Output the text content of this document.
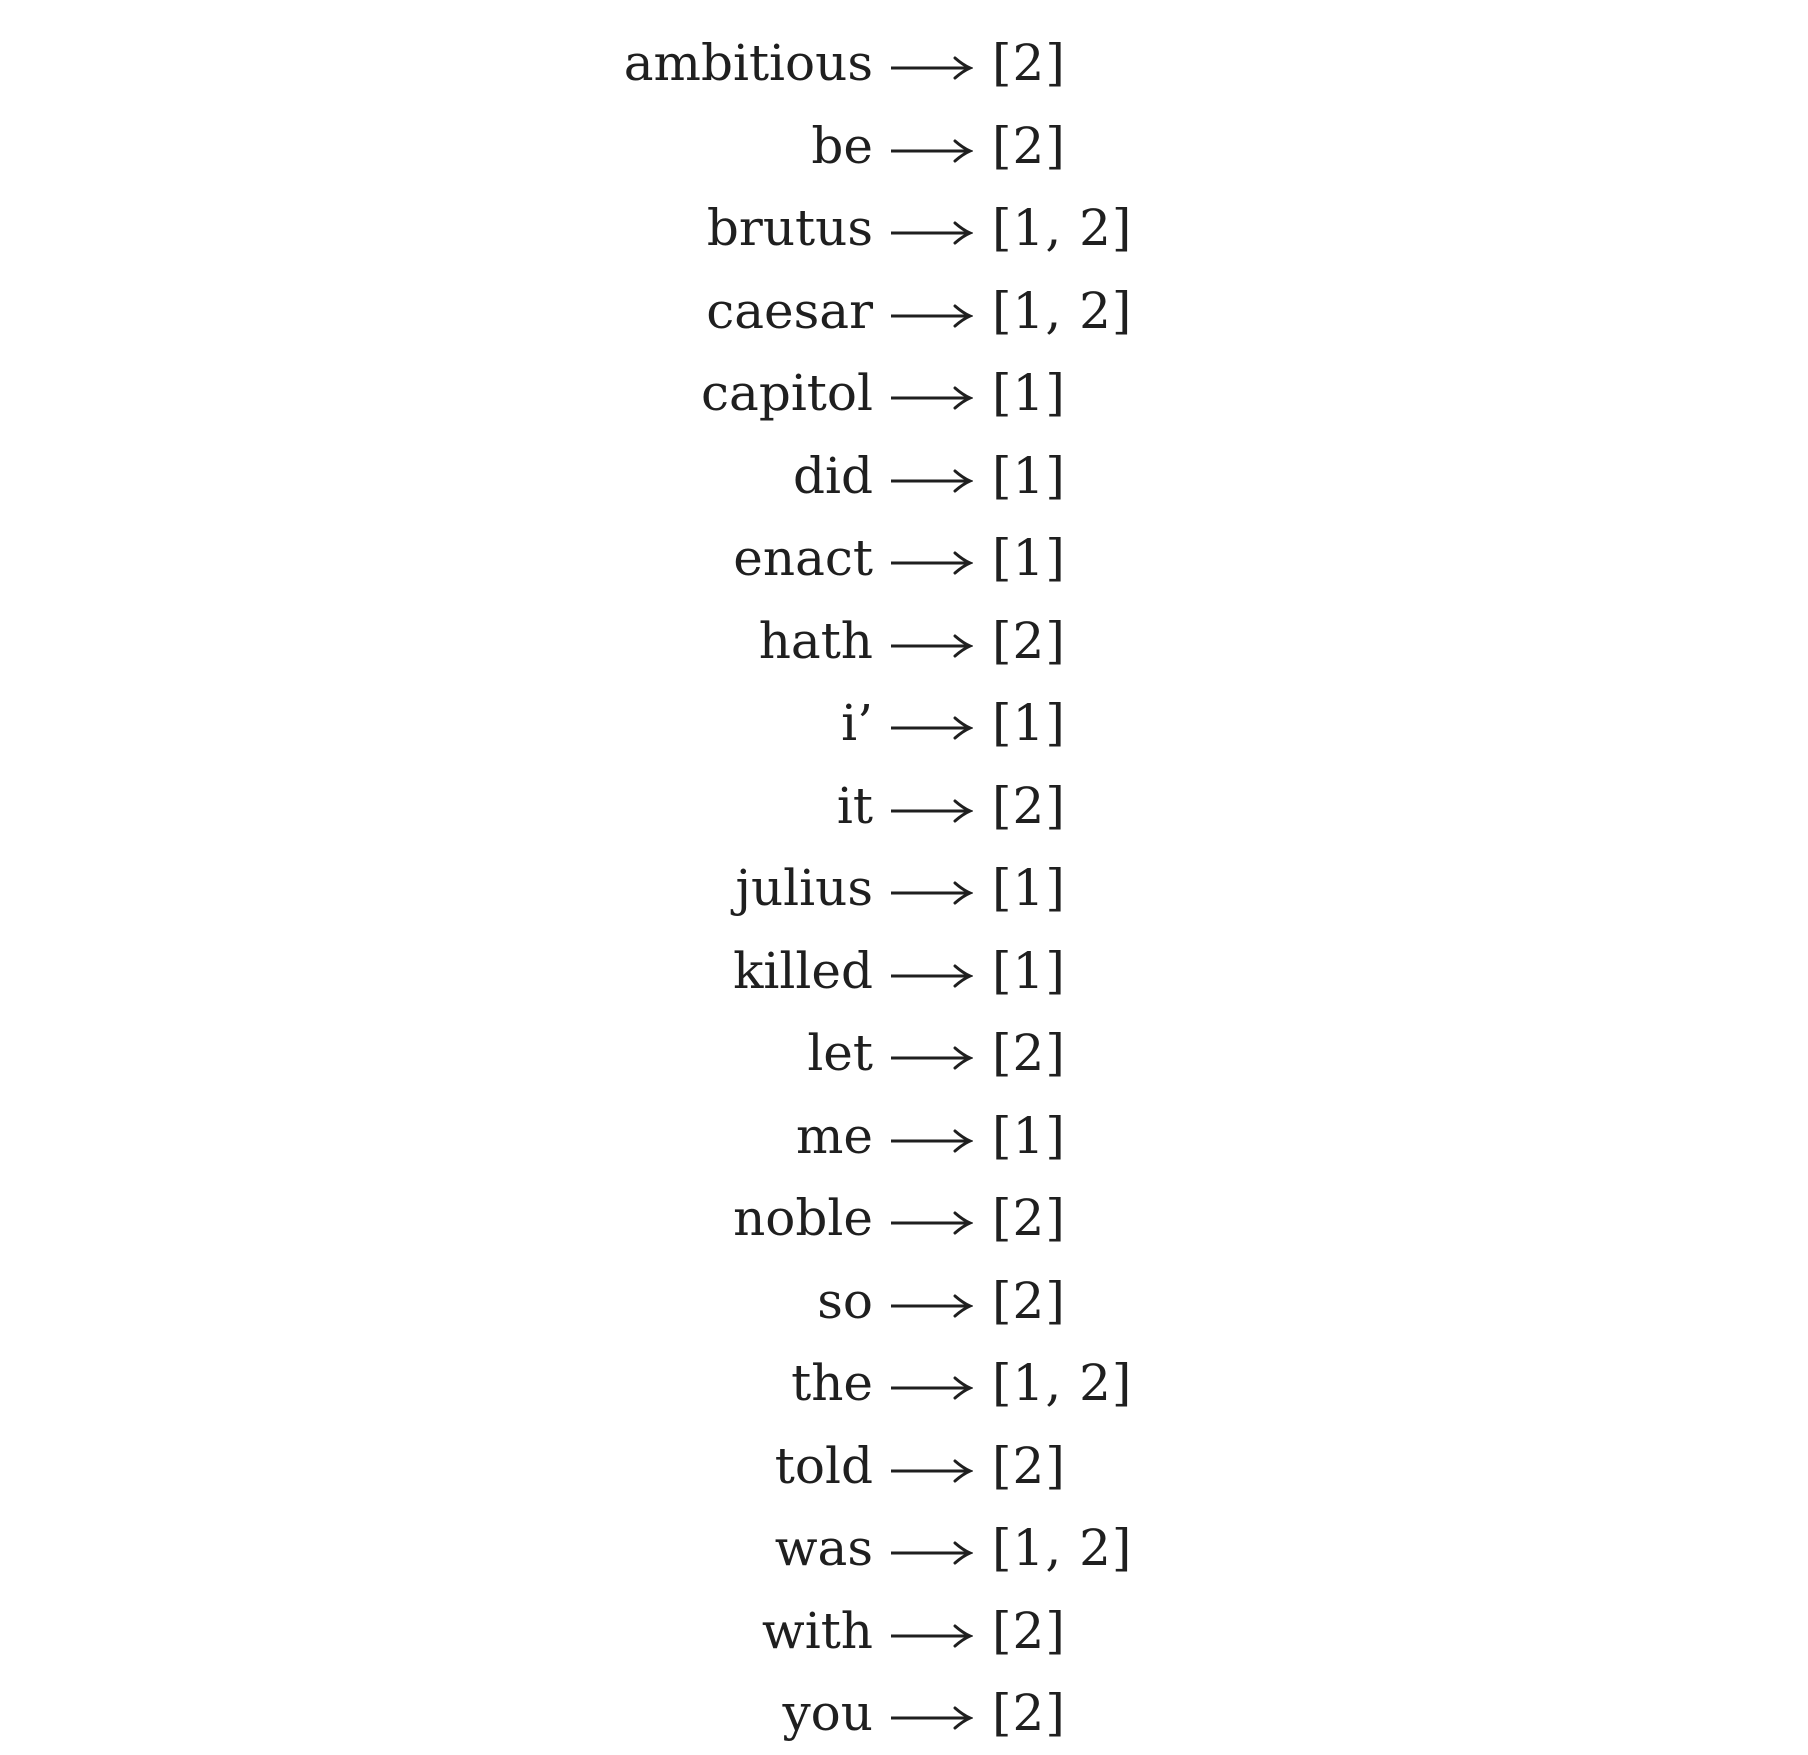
ambitious [2]
be [2]
brutus [1, 2]
caesar [1, 2]
capitol [1]
did [1]
enact [1]
hath [2]
i’ [1]
it [2]
julius [1]
killed [1]
let [2]
me [1]
noble [2]
so [2]
the [1, 2]
told [2]
was [1, 2]
with [2]
you [2]
